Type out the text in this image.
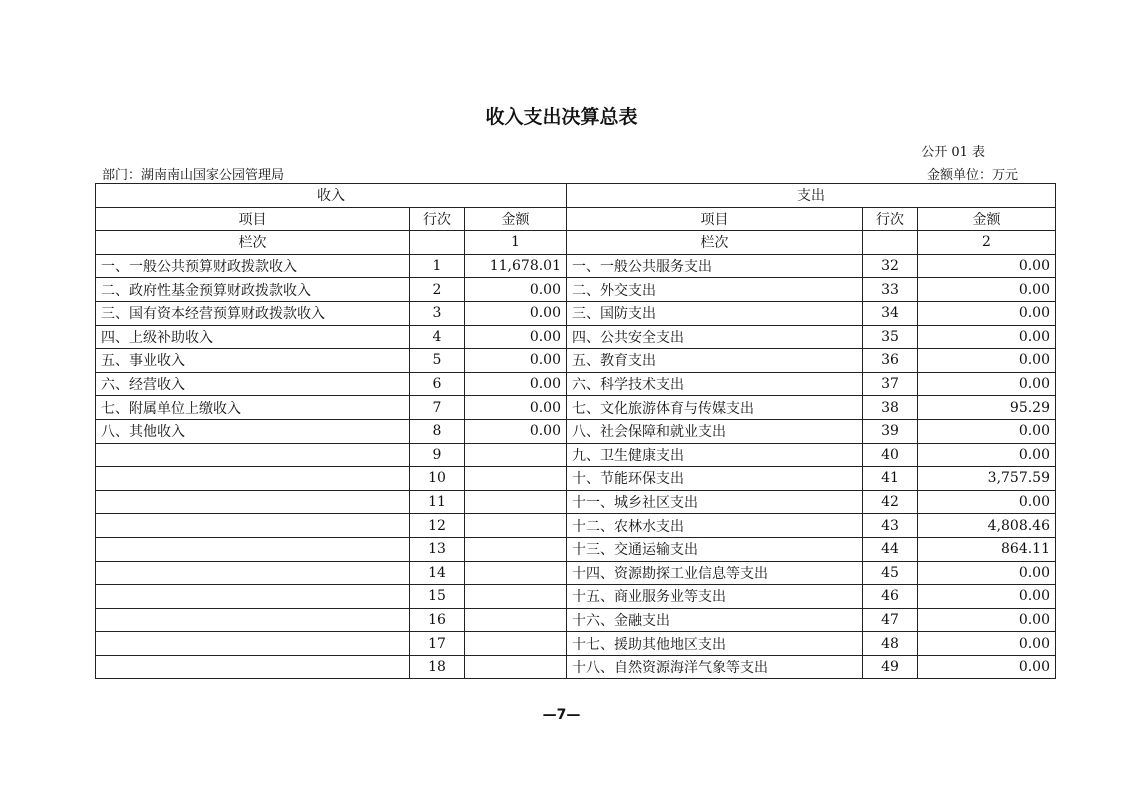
收入支出决算总表
公开 01 表
部门：湖南南山国家公园管理局	金额单位：万元
收入			支出		
项目	行次	金额	项目	行次	金额
栏次		1	栏次		2
一、一般公共预算财政拨款收入	1	11,678.01	一、一般公共服务支出	32	0.00
二、政府性基金预算财政拨款收入	2	0.00	二、外交支出	33	0.00
三、国有资本经营预算财政拨款收入	3	0.00	三、国防支出	34	0.00
四、上级补助收入	4	0.00	四、公共安全支出	35	0.00
五、事业收入	5	0.00	五、教育支出	36	0.00
六、经营收入	6	0.00	六、科学技术支出	37	0.00
七、附属单位上缴收入	7	0.00	七、文化旅游体育与传媒支出	38	95.29
八、其他收入	8	0.00	八、社会保障和就业支出	39	0.00
	9		九、卫生健康支出	40	0.00
	10		十、节能环保支出	41	3,757.59
	11		十一、城乡社区支出	42	0.00
	12		十二、农林水支出	43	4,808.46
	13		十三、交通运输支出	44	864.11
	14		十四、资源勘探工业信息等支出	45	0.00
	15		十五、商业服务业等支出	46	0.00
	16		十六、金融支出	47	0.00
	17		十七、援助其他地区支出	48	0.00
	18		十八、自然资源海洋气象等支出	49	0.00
—7—
